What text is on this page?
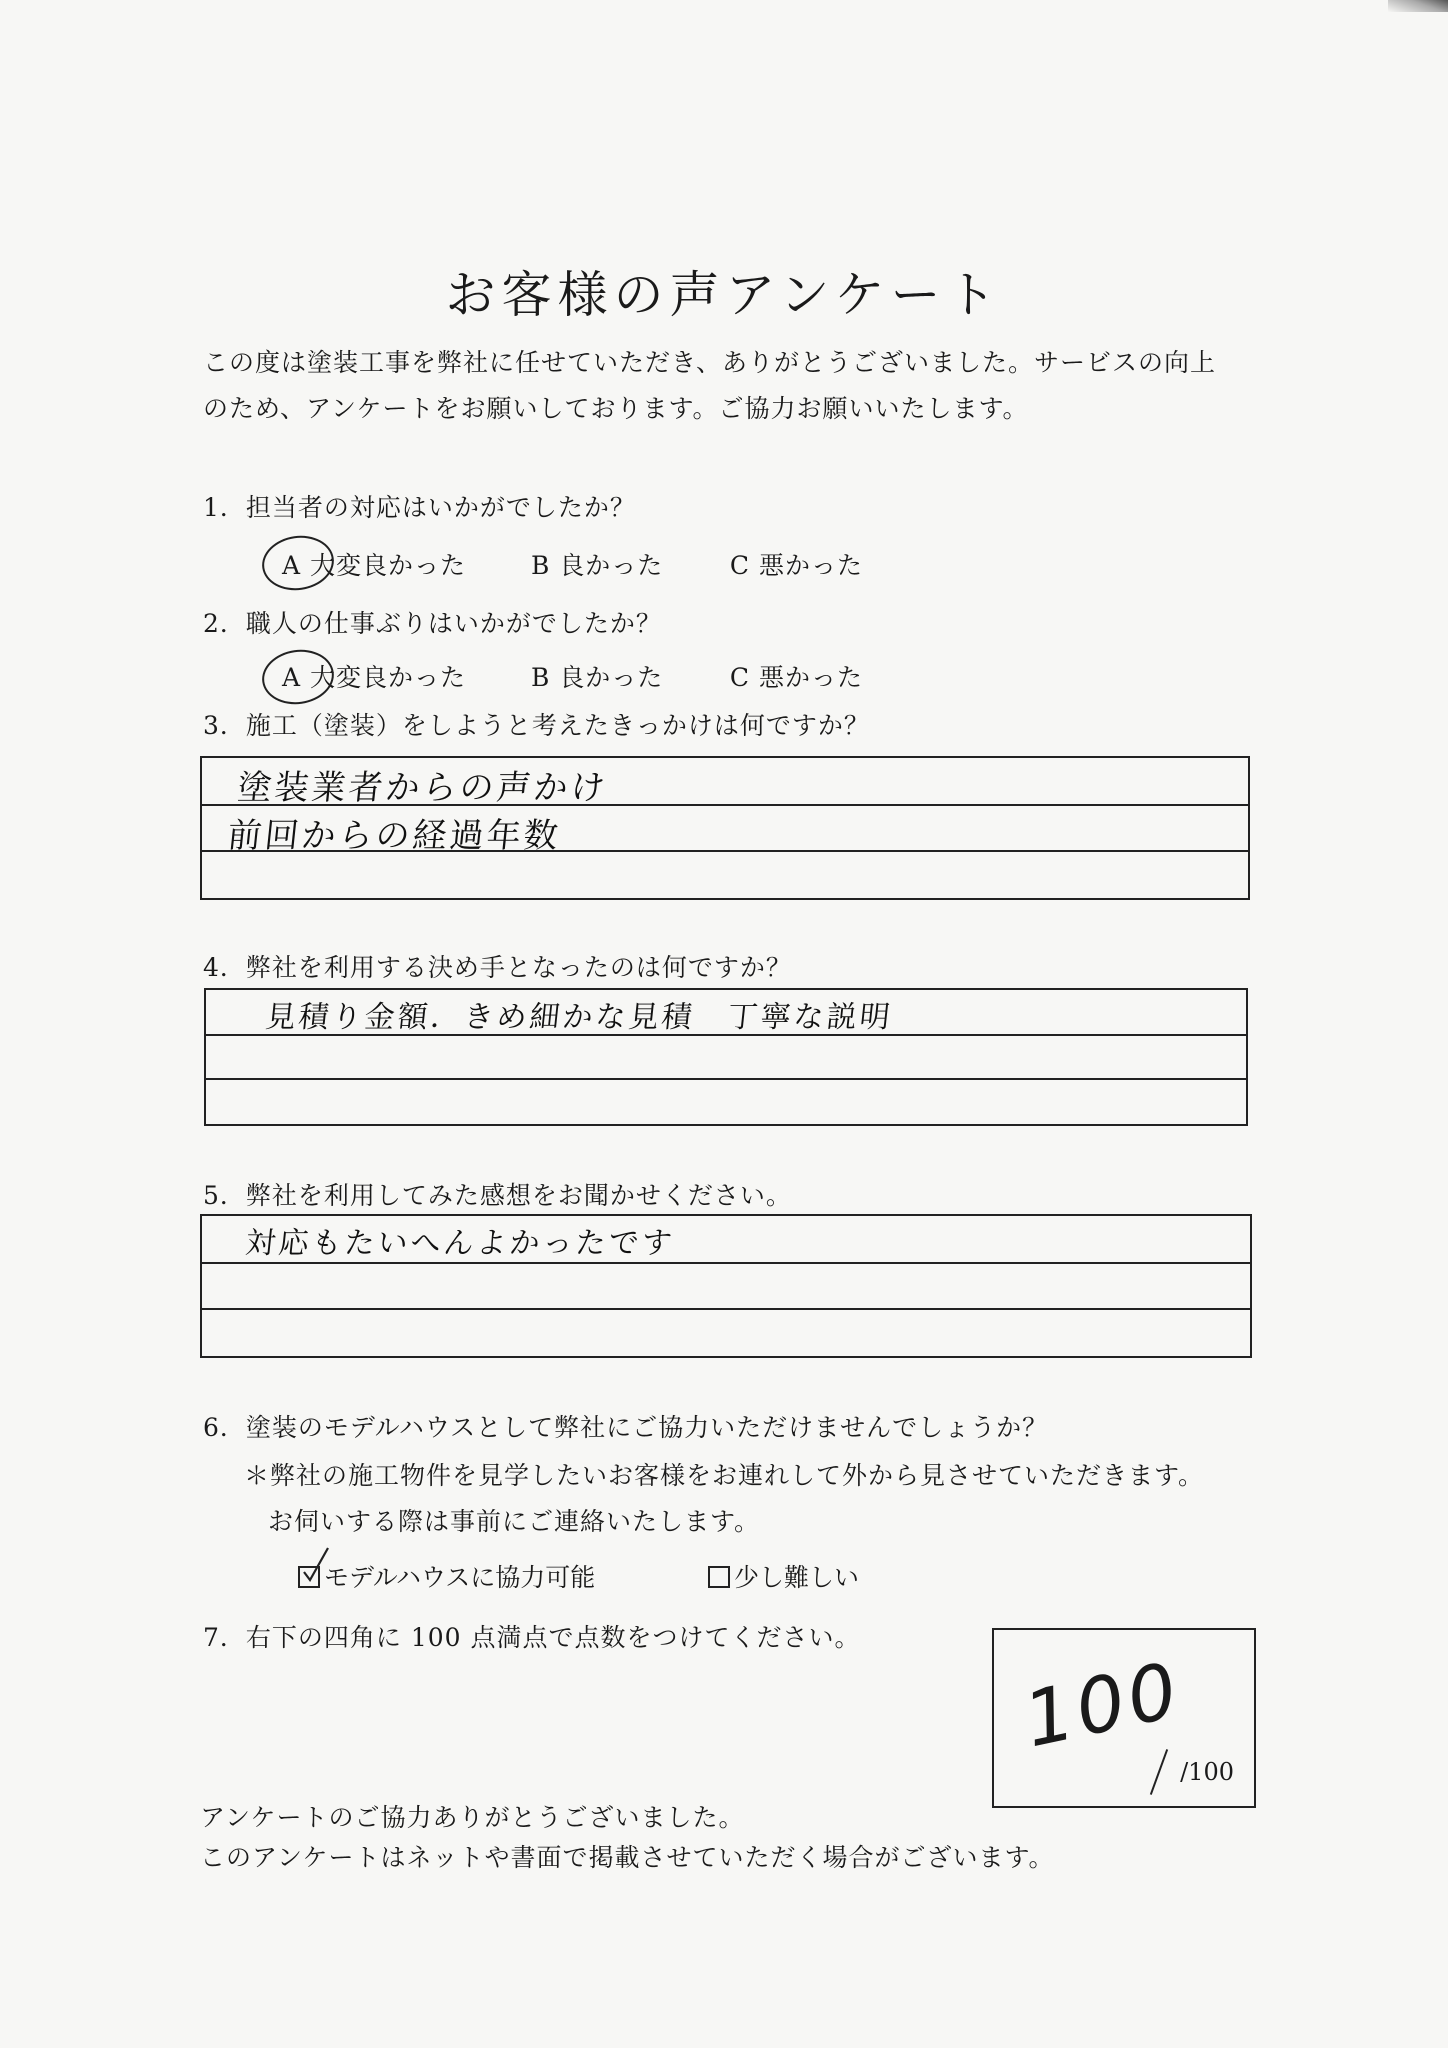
お客様の声アンケート
この度は塗装工事を弊社に任せていただき、ありがとうございました。サービスの向上
のため、アンケートをお願いしております。ご協力お願いいたします。
1．担当者の対応はいかがでしたか？
A 大変良かった	B 良かった	C 悪かった
2．職人の仕事ぶりはいかがでしたか？
A 大変良かった	B 良かった	C 悪かった
3．施工（塗装）をしようと考えたきっかけは何ですか？
塗装業者からの声かけ
前回からの経過年数
4．弊社を利用する決め手となったのは何ですか？
見積り金額．きめ細かな見積　丁寧な説明
5．弊社を利用してみた感想をお聞かせください。
対応もたいへんよかったです
6．塗装のモデルハウスとして弊社にご協力いただけませんでしょうか？
＊弊社の施工物件を見学したいお客様をお連れして外から見させていただきます。
お伺いする際は事前にご連絡いたします。
モデルハウスに協力可能	少し難しい
7．右下の四角に 100 点満点で点数をつけてください。
100
/100
アンケートのご協力ありがとうございました。
このアンケートはネットや書面で掲載させていただく場合がございます。
